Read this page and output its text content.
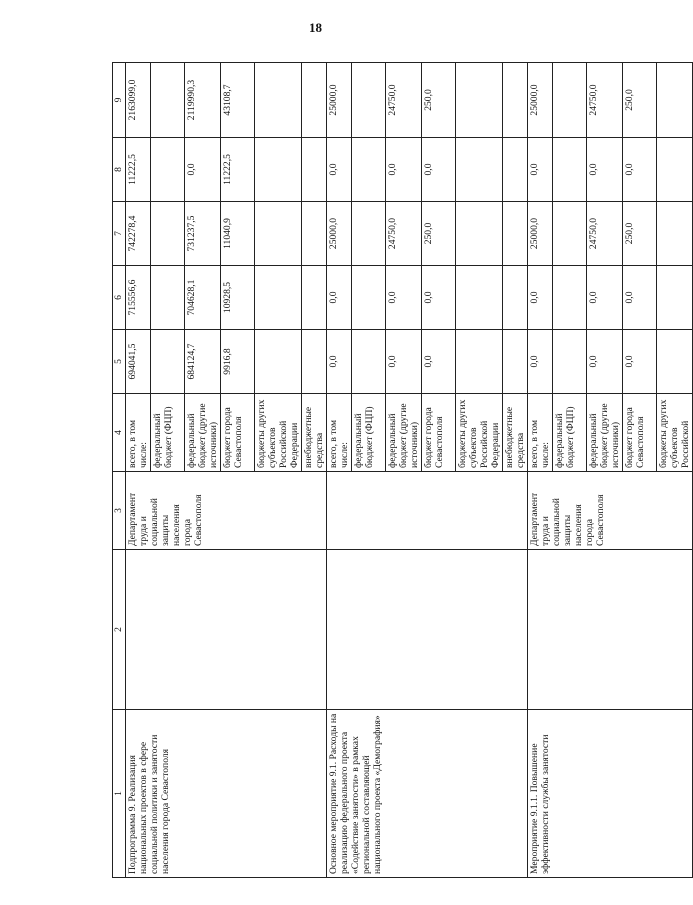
18
1	2	3	4	5	6	7	8	9
Подпрограмма 9. Реализация национальных проектов в сфере социальной политики и занятости населения города Севастополя		Департамент труда и социальной защиты населения города Севастополя	всего, в том числе:	694041,5	715556,6	742278,4	11222,5	2163099,0
			федеральный бюджет (ФЦП)					
			федеральный бюджет (другие источники)	684124,7	704628,1	731237,5	0,0	2119990,3
			бюджет города Севастополя	9916,8	10928,5	11040,9	11222,5	43108,7
			бюджеты других субъектов Российской Федерации					
			внебюджетные средства					
Основное мероприятие 9.1. Расходы на реализацию федерального проекта «Содействие занятости» в рамках региональной составляющей национального проекта «Демография»			всего, в том числе:	0,0	0,0	25000,0	0,0	25000,0
			федеральный бюджет (ФЦП)					
			федеральный бюджет (другие источники)	0,0	0,0	24750,0	0,0	24750,0
			бюджет города Севастополя	0,0	0,0	250,0	0,0	250,0
			бюджеты других субъектов Российской Федерации					
			внебюджетные средства					
Мероприятие 9.1.1. Повышение эффективности службы занятости		Департамент труда и социальной защиты населения города Севастополя	всего, в том числе:	0,0	0,0	25000,0	0,0	25000,0
			федеральный бюджет (ФЦП)					
			федеральный бюджет (другие источники)	0,0	0,0	24750,0	0,0	24750,0
			бюджет города Севастополя	0,0	0,0	250,0	0,0	250,0
			бюджеты других субъектов Российской					
